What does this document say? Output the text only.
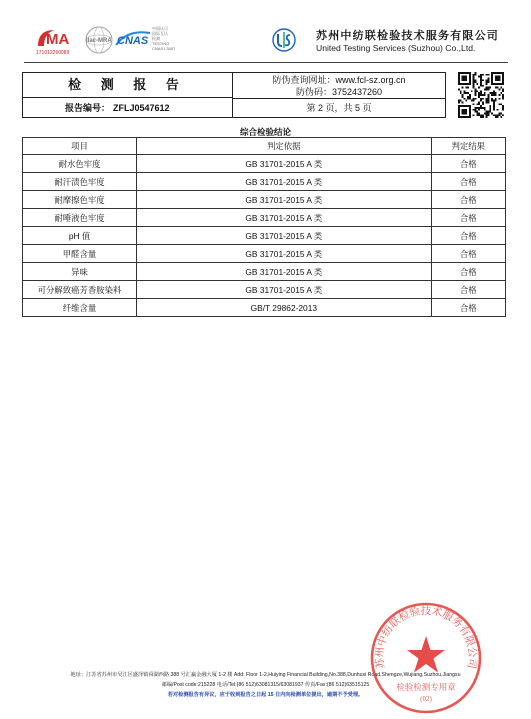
MA
171012260089
ilac-MRA CNAS
中国认可
国际互认
检测
TESTING
CNAS L3457
苏州中纺联检验技术服务有限公司
United Testing Services (Suzhou) Co.,Ltd.
检 测 报 告
报告编号： ZFLJ0547612
防伪查询网址：www.fcl-sz.org.cn
防伪码：3752437260
第 2 页，共 5 页
综合检验结论
项目	判定依据	判定结果
耐水色牢度	GB 31701-2015 A 类	合格
耐汗渍色牢度	GB 31701-2015 A 类	合格
耐摩擦色牢度	GB 31701-2015 A 类	合格
耐唾液色牢度	GB 31701-2015 A 类	合格
pH 值	GB 31701-2015 A 类	合格
甲醛含量	GB 31701-2015 A 类	合格
异味	GB 31701-2015 A 类	合格
可分解致癌芳香胺染料	GB 31701-2015 A 类	合格
纤维含量	GB/T 29862-2013	合格
地址：江苏省苏州市吴江区盛泽镇舜湖西路 388 号汇赢金融大厦 1-2 楼 Add: Floor 1-2,Huiying Financial Building,No.388,Dunhuxi Road,Shengze,Wujiang,Suzhou,Jiangsu
邮编/Post code:215228 电话/Tel:(86 512)63081315/63081937 传真/Fax:(86 512)63515125
若对检测报告有异议，应于收到报告之日起 15 日内向检测单位提出，逾期不予受理。
苏州中纺联检验技术服务有限公司
检验检测专用章
(02)
